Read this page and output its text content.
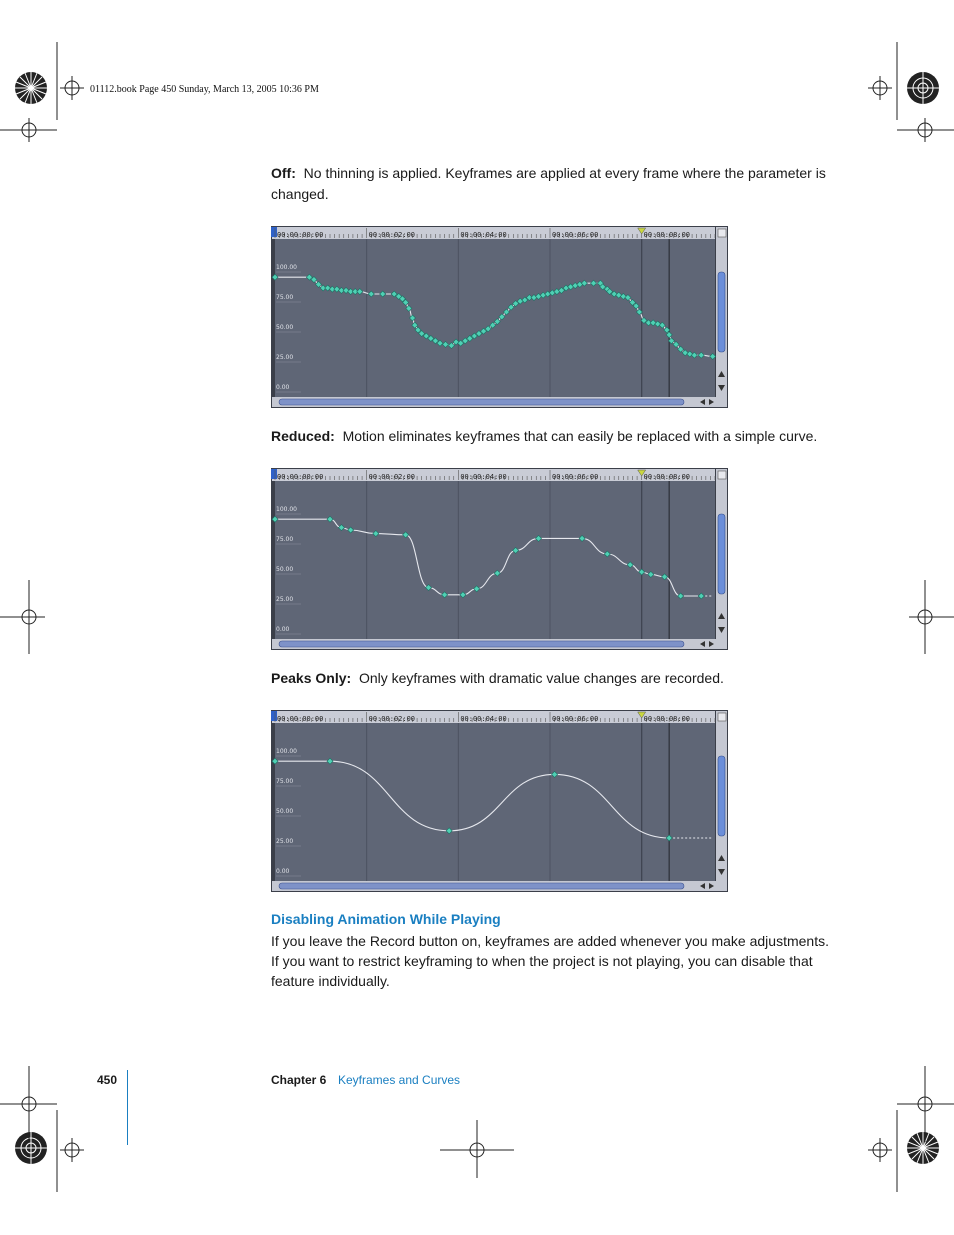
01112.book Page 450 Sunday, March 13, 2005 10:36 PM
Off: No thinning is applied. Keyframes are applied at every frame where the parameter is changed.
00:00:00:00	00:00:02:00	00:00:04:00	00:00:06:00	00:00:08:00
100.00
75.00
50.00
25.00
0.00
Reduced: Motion eliminates keyframes that can easily be replaced with a simple curve.
00:00:00:00	00:00:02:00	00:00:04:00	00:00:06:00	00:00:08:00
100.00
75.00
50.00
25.00
0.00
Peaks Only: Only keyframes with dramatic value changes are recorded.
00:00:00:00	00:00:02:00	00:00:04:00	00:00:06:00	00:00:08:00
100.00
75.00
50.00
25.00
0.00
Disabling Animation While Playing
If you leave the Record button on, keyframes are added whenever you make adjustments. If you want to restrict keyframing to when the project is not playing, you can disable that feature individually.
450	Chapter 6 Keyframes and Curves
